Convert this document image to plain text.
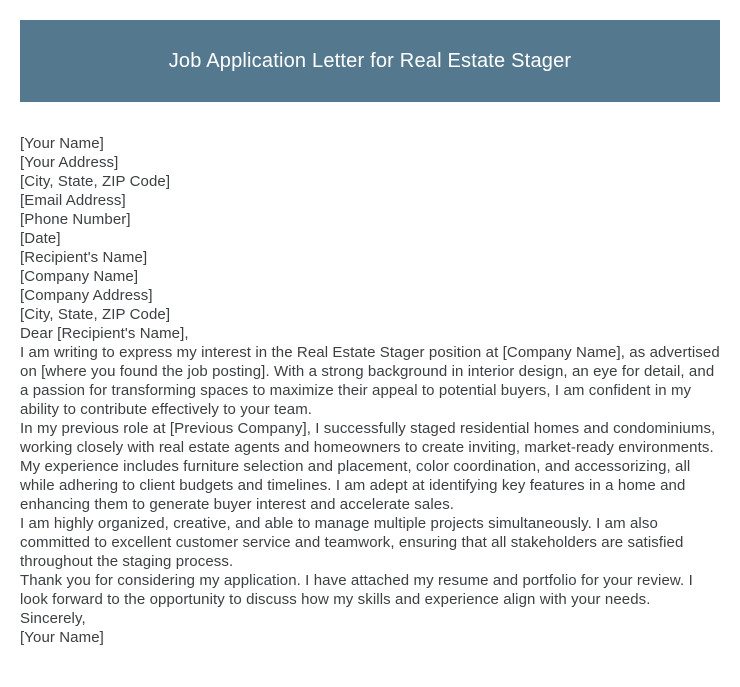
Job Application Letter for Real Estate Stager
[Your Name]
[Your Address]
[City, State, ZIP Code]
[Email Address]
[Phone Number]
[Date]
[Recipient's Name]
[Company Name]
[Company Address]
[City, State, ZIP Code]
Dear [Recipient's Name],
I am writing to express my interest in the Real Estate Stager position at [Company Name], as advertised on [where you found the job posting]. With a strong background in interior design, an eye for detail, and a passion for transforming spaces to maximize their appeal to potential buyers, I am confident in my ability to contribute effectively to your team.
In my previous role at [Previous Company], I successfully staged residential homes and condominiums, working closely with real estate agents and homeowners to create inviting, market-ready environments. My experience includes furniture selection and placement, color coordination, and accessorizing, all while adhering to client budgets and timelines. I am adept at identifying key features in a home and enhancing them to generate buyer interest and accelerate sales.
I am highly organized, creative, and able to manage multiple projects simultaneously. I am also committed to excellent customer service and teamwork, ensuring that all stakeholders are satisfied throughout the staging process.
Thank you for considering my application. I have attached my resume and portfolio for your review. I look forward to the opportunity to discuss how my skills and experience align with your needs.
Sincerely,
[Your Name]
